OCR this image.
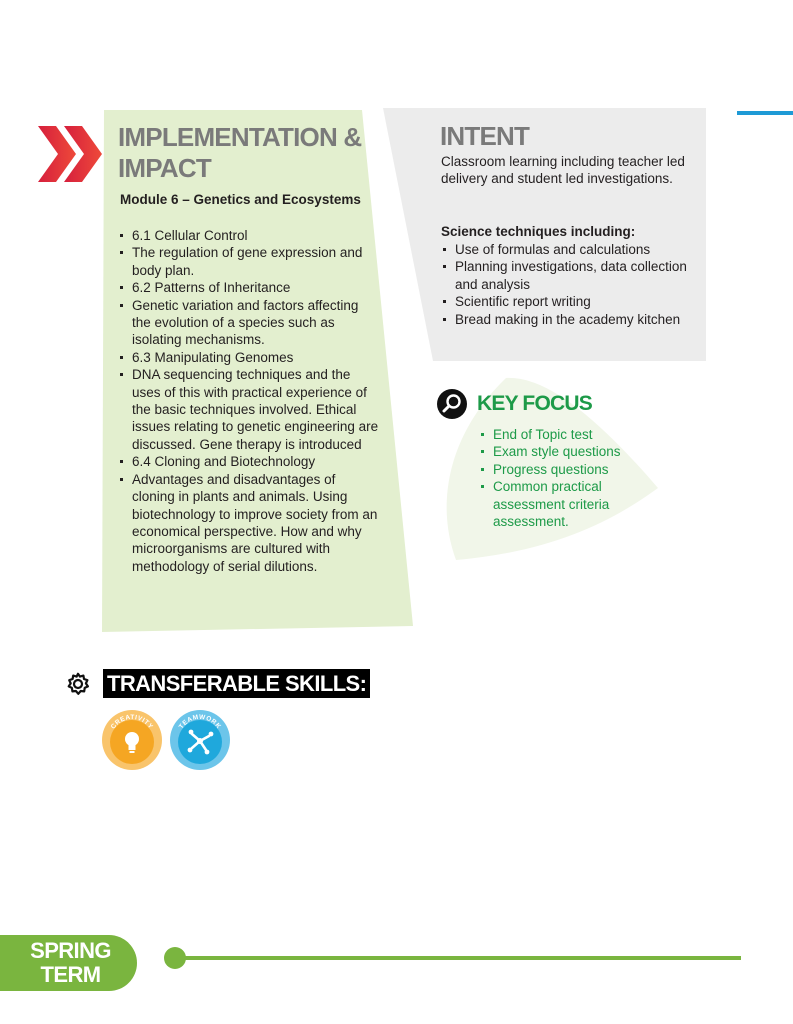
IMPLEMENTATION &
IMPACT
Module 6 – Genetics and Ecosystems
6.1 Cellular Control
The regulation of gene expression and body plan.
6.2 Patterns of Inheritance
Genetic variation and factors affecting the evolution of a species such as isolating mechanisms.
6.3 Manipulating Genomes
DNA sequencing techniques and the uses of this with practical experience of the basic techniques involved. Ethical issues relating to genetic engineering are discussed. Gene therapy is introduced
6.4 Cloning and Biotechnology
Advantages and disadvantages of cloning in plants and animals. Using biotechnology to improve society from an economical perspective. How and why microorganisms are cultured with methodology of serial dilutions.
INTENT
Classroom learning including teacher led delivery and student led investigations.
Science techniques including:
Use of formulas and calculations
Planning investigations, data collection and analysis
Scientific report writing
Bread making in the academy kitchen
KEY FOCUS
End of Topic test
Exam style questions
Progress questions
Common practical assessment criteria assessment.
TRANSFERABLE SKILLS:
CREATIVITY	TEAMWORK
SPRING
TERM
